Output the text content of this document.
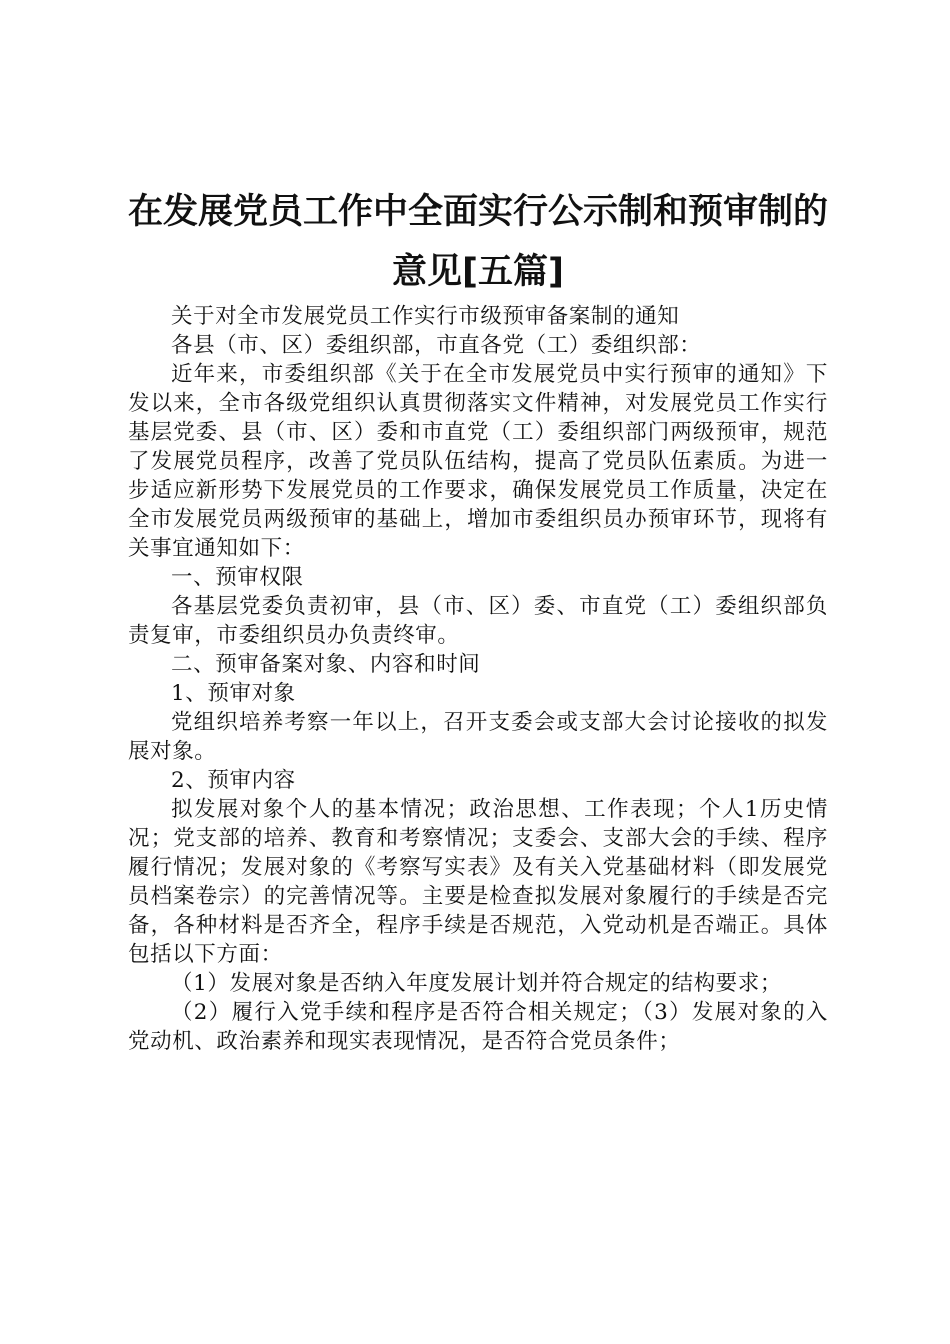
在发展党员工作中全面实行公示制和预审制的
意见[五篇]

关于对全市发展党员工作实行市级预审备案制的通知

各县（市、区）委组织部，市直各党（工）委组织部：

近年来，市委组织部《关于在全市发展党员中实行预审的通知》下发以来，全市各级党组织认真贯彻落实文件精神，对发展党员工作实行基层党委、县（市、区）委和市直党（工）委组织部门两级预审，规范了发展党员程序，改善了党员队伍结构，提高了党员队伍素质。为进一步适应新形势下发展党员的工作要求，确保发展党员工作质量，决定在全市发展党员两级预审的基础上，增加市委组织员办预审环节，现将有关事宜通知如下：

一、预审权限

各基层党委负责初审，县（市、区）委、市直党（工）委组织部负责复审，市委组织员办负责终审。

二、预审备案对象、内容和时间

1、预审对象

党组织培养考察一年以上，召开支委会或支部大会讨论接收的拟发展对象。

2、预审内容

拟发展对象个人的基本情况；政治思想、工作表现；个人1历史情况；党支部的培养、教育和考察情况；支委会、支部大会的手续、程序履行情况；发展对象的《考察写实表》及有关入党基础材料（即发展党员档案卷宗）的完善情况等。主要是检查拟发展对象履行的手续是否完备，各种材料是否齐全，程序手续是否规范，入党动机是否端正。具体包括以下方面：

（1）发展对象是否纳入年度发展计划并符合规定的结构要求；

（2）履行入党手续和程序是否符合相关规定；（3）发展对象的入党动机、政治素养和现实表现情况，是否符合党员条件；
